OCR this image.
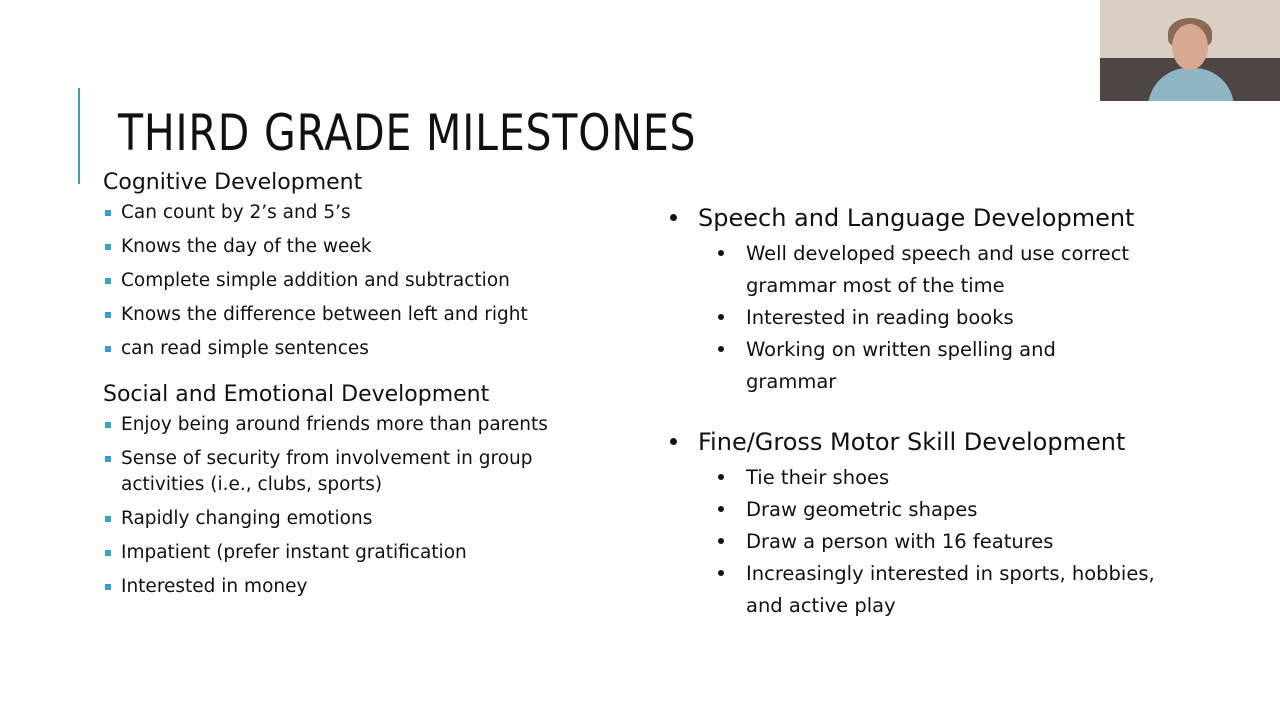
THIRD GRADE MILESTONES
Cognitive Development
Can count by 2’s and 5’s
Knows the day of the week
Complete simple addition and subtraction
Knows the difference between left and right
can read simple sentences
Social and Emotional Development
Enjoy being around friends more than parents
Sense of security from involvement in group activities (i.e., clubs, sports)
Rapidly changing emotions
Impatient (prefer instant gratification
Interested in money
Speech and Language Development
Well developed speech and use correct grammar most of the time
Interested in reading books
Working on written spelling and grammar
Fine/Gross Motor Skill Development
Tie their shoes
Draw geometric shapes
Draw a person with 16 features
Increasingly interested in sports, hobbies, and active play
